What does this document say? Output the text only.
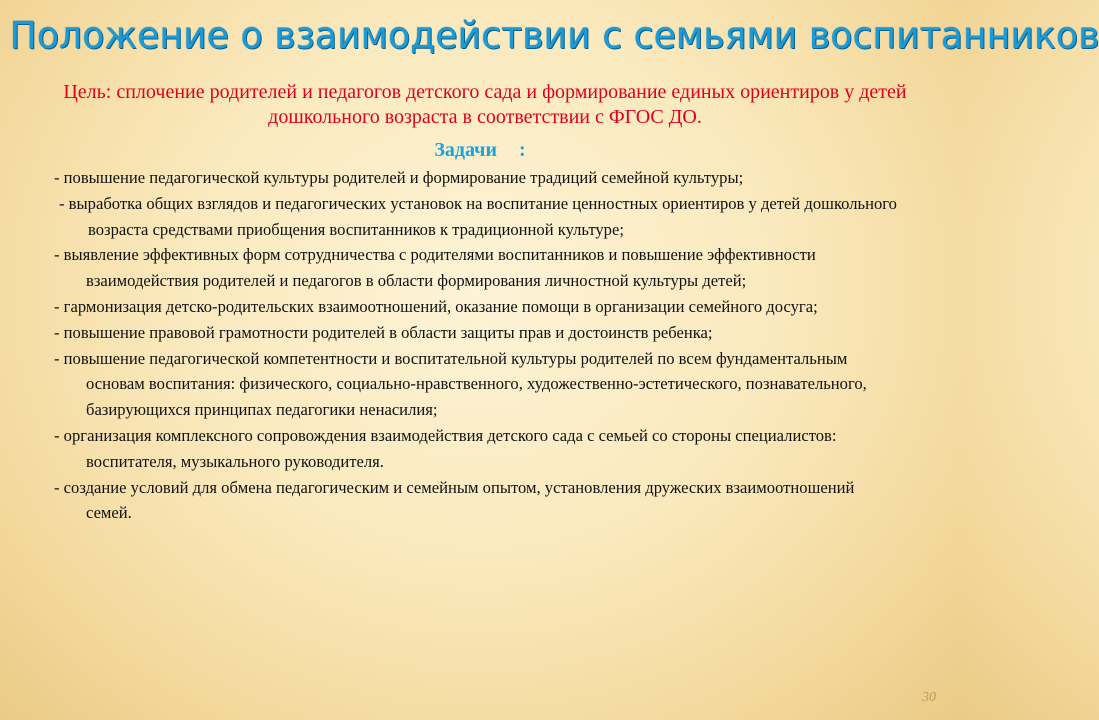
Положение о взаимодействии с семьями воспитанников
Цель: сплочение родителей и педагогов детского сада и формирование единых ориентиров у детей дошкольного возраста в соответствии с ФГОС ДО.
Задачи :
- повышение педагогической культуры родителей и формирование традиций семейной культуры;
- выработка общих взглядов и педагогических установок на воспитание ценностных ориентиров у детей дошкольного возраста средствами приобщения воспитанников к традиционной культуре;
- выявление эффективных форм сотрудничества с родителями воспитанников и повышение эффективности взаимодействия родителей и педагогов в области формирования личностной культуры детей;
- гармонизация детско-родительских взаимоотношений, оказание помощи в организации семейного досуга;
- повышение правовой грамотности родителей в области защиты прав и достоинств ребенка;
- повышение педагогической компетентности и воспитательной культуры родителей по всем фундаментальным основам воспитания: физического, социально-нравственного, художественно-эстетического, познавательного, базирующихся принципах педагогики ненасилия;
- организация комплексного сопровождения взаимодействия детского сада с семьей со стороны специалистов: воспитателя, музыкального руководителя.
- создание условий для обмена педагогическим и семейным опытом, установления дружеских взаимоотношений семей.
30
